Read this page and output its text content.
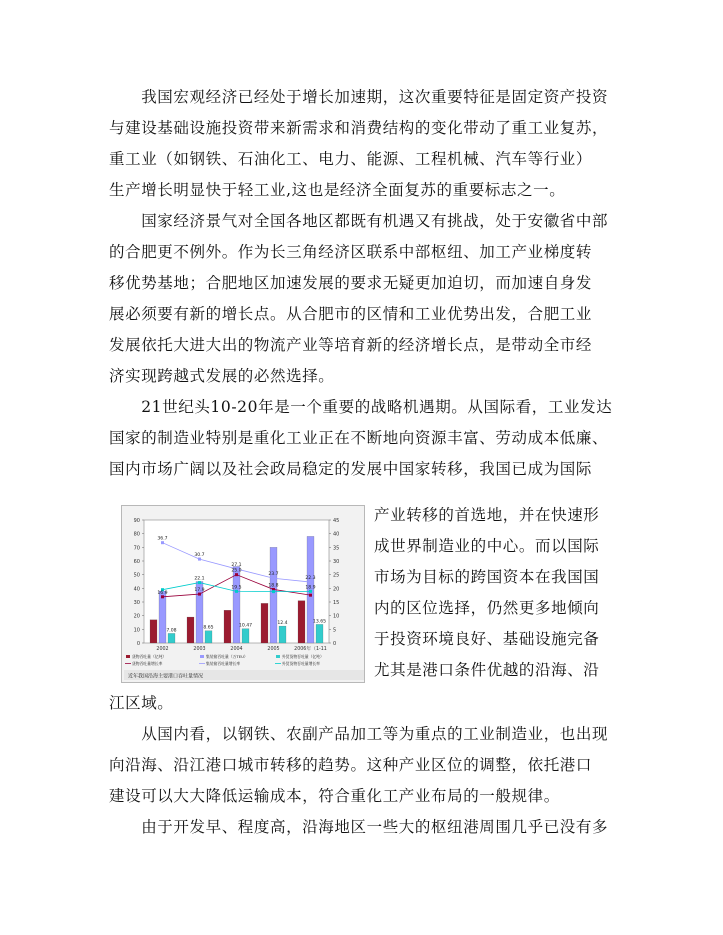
　　我国宏观经济已经处于增长加速期，这次重要特征是固定资产投资
与建设基础设施投资带来新需求和消费结构的变化带动了重工业复苏，
重工业（如钢铁、石油化工、电力、能源、工程机械、汽车等行业）
生产增长明显快于轻工业,这也是经济全面复苏的重要标志之一。
　　国家经济景气对全国各地区都既有机遇又有挑战，处于安徽省中部
的合肥更不例外。作为长三角经济区联系中部枢纽、加工产业梯度转
移优势基地；合肥地区加速发展的要求无疑更加迫切，而加速自身发
展必须要有新的增长点。从合肥市的区情和工业优势出发，合肥工业
发展依托大进大出的物流产业等培育新的经济增长点，是带动全市经
济实现跨越式发展的必然选择。
　　21世纪头10-20年是一个重要的战略机遇期。从国际看，工业发达
国家的制造业特别是重化工业正在不断地向资源丰富、劳动成本低廉、
国内市场广阔以及社会政局稳定的发展中国家转移，我国已成为国际
产业转移的首选地，并在快速形
成世界制造业的中心。而以国际
市场为目标的跨国资本在我国国
内的区位选择，仍然更多地倾向
于投资环境良好、基础设施完备
尤其是港口条件优越的沿海、沿
江区域。
　　从国内看，以钢铁、农副产品加工等为重点的工业制造业，也出现
向沿海、沿江港口城市转移的趋势。这种产业区位的调整，依托港口
建设可以大大降低运输成本，符合重化工产业布局的一般规律。
　　由于开发早、程度高，沿海地区一些大的枢纽港周围几乎已没有多
0
10
20
30
40
50
60
70
80
90
0
5
10
15
20
25
30
35
40
45
36.7
30.7
27.1
23.7
22.3
22.1
25.0
16.9
17.9
19.5	18.8	18.9
7.08
8.65	10.47
12.4	13.65
2002	2003	2004	2005	2006年（1-11
货物吞吐量（亿吨）	集装箱吞吐量（万TEU）	外贸货物吞吐量（亿吨）
货物吞吐量增长率	集装箱吞吐量增长率	外贸货物吞吐量增长率
近年我国沿海主要港口吞吐量情况
